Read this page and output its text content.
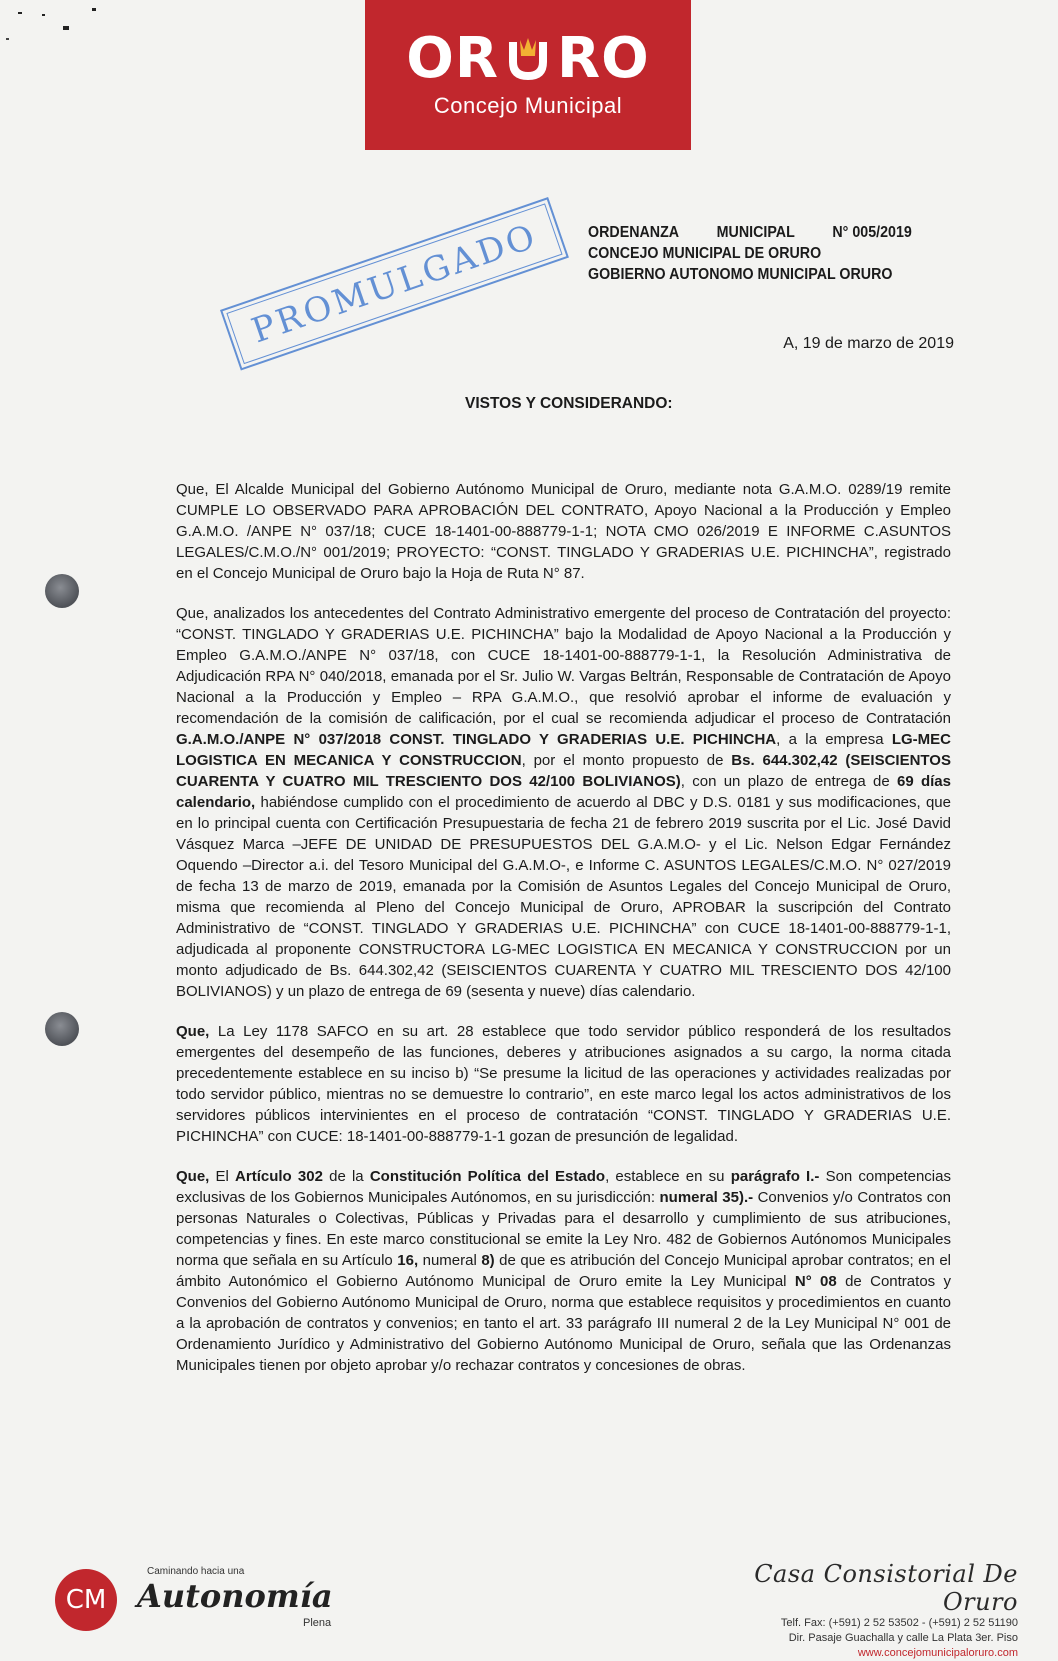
OR RO
Concejo Municipal
ORDENANZA MUNICIPAL N° 005/2019
CONCEJO MUNICIPAL DE ORURO
GOBIERNO AUTONOMO MUNICIPAL ORURO
PROMULGADO	A, 19 de marzo de 2019
VISTOS Y CONSIDERANDO:

Que, El Alcalde Municipal del Gobierno Autónomo Municipal de Oruro, mediante nota G.A.M.O. 0289/19 remite CUMPLE LO OBSERVADO PARA APROBACIÓN DEL CONTRATO, Apoyo Nacional a la Producción y Empleo G.A.M.O. /ANPE N° 037/18; CUCE 18-1401-00-888779-1-1; NOTA CMO 026/2019 E INFORME C.ASUNTOS LEGALES/C.M.O./N° 001/2019; PROYECTO: “CONST. TINGLADO Y GRADERIAS U.E. PICHINCHA”, registrado en el Concejo Municipal de Oruro bajo la Hoja de Ruta N° 87.

Que, analizados los antecedentes del Contrato Administrativo emergente del proceso de Contratación del proyecto: “CONST. TINGLADO Y GRADERIAS U.E. PICHINCHA” bajo la Modalidad de Apoyo Nacional a la Producción y Empleo G.A.M.O./ANPE N° 037/18, con CUCE 18-1401-00-888779-1-1, la Resolución Administrativa de Adjudicación RPA N° 040/2018, emanada por el Sr. Julio W. Vargas Beltrán, Responsable de Contratación de Apoyo Nacional a la Producción y Empleo – RPA G.A.M.O., que resolvió aprobar el informe de evaluación y recomendación de la comisión de calificación, por el cual se recomienda adjudicar el proceso de Contratación G.A.M.O./ANPE N° 037/2018 CONST. TINGLADO Y GRADERIAS U.E. PICHINCHA, a la empresa LG-MEC LOGISTICA EN MECANICA Y CONSTRUCCION, por el monto propuesto de Bs. 644.302,42 (SEISCIENTOS CUARENTA Y CUATRO MIL TRESCIENTO DOS 42/100 BOLIVIANOS), con un plazo de entrega de 69 días calendario, habiéndose cumplido con el procedimiento de acuerdo al DBC y D.S. 0181 y sus modificaciones, que en lo principal cuenta con Certificación Presupuestaria de fecha 21 de febrero 2019 suscrita por el Lic. José David Vásquez Marca –JEFE DE UNIDAD DE PRESUPUESTOS DEL G.A.M.O- y el Lic. Nelson Edgar Fernández Oquendo –Director a.i. del Tesoro Municipal del G.A.M.O-, e Informe C. ASUNTOS LEGALES/C.M.O. N° 027/2019 de fecha 13 de marzo de 2019, emanada por la Comisión de Asuntos Legales del Concejo Municipal de Oruro, misma que recomienda al Pleno del Concejo Municipal de Oruro, APROBAR la suscripción del Contrato Administrativo de “CONST. TINGLADO Y GRADERIAS U.E. PICHINCHA” con CUCE 18-1401-00-888779-1-1, adjudicada al proponente CONSTRUCTORA LG-MEC LOGISTICA EN MECANICA Y CONSTRUCCION por un monto adjudicado de Bs. 644.302,42 (SEISCIENTOS CUARENTA Y CUATRO MIL TRESCIENTO DOS 42/100 BOLIVIANOS) y un plazo de entrega de 69 (sesenta y nueve) días calendario.

Que, La Ley 1178 SAFCO en su art. 28 establece que todo servidor público responderá de los resultados emergentes del desempeño de las funciones, deberes y atribuciones asignados a su cargo, la norma citada precedentemente establece en su inciso b) “Se presume la licitud de las operaciones y actividades realizadas por todo servidor público, mientras no se demuestre lo contrario”, en este marco legal los actos administrativos de los servidores públicos intervinientes en el proceso de contratación “CONST. TINGLADO Y GRADERIAS U.E. PICHINCHA” con CUCE: 18-1401-00-888779-1-1 gozan de presunción de legalidad.

Que, El Artículo 302 de la Constitución Política del Estado, establece en su parágrafo I.- Son competencias exclusivas de los Gobiernos Municipales Autónomos, en su jurisdicción: numeral 35).- Convenios y/o Contratos con personas Naturales o Colectivas, Públicas y Privadas para el desarrollo y cumplimiento de sus atribuciones, competencias y fines. En este marco constitucional se emite la Ley Nro. 482 de Gobiernos Autónomos Municipales norma que señala en su Artículo 16, numeral 8) de que es atribución del Concejo Municipal aprobar contratos; en el ámbito Autonómico el Gobierno Autónomo Municipal de Oruro emite la Ley Municipal N° 08 de Contratos y Convenios del Gobierno Autónomo Municipal de Oruro, norma que establece requisitos y procedimientos en cuanto a la aprobación de contratos y convenios; en tanto el art. 33 parágrafo III numeral 2 de la Ley Municipal N° 001 de Ordenamiento Jurídico y Administrativo del Gobierno Autónomo Municipal de Oruro, señala que las Ordenanzas Municipales tienen por objeto aprobar y/o rechazar contratos y concesiones de obras.

CM
Caminando hacia una
Autonomía
Plena
Casa Consistorial De Oruro
Telf. Fax: (+591) 2 52 53502 - (+591) 2 52 51190
Dir. Pasaje Guachalla y calle La Plata 3er. Piso
www.concejomunicipaloruro.com
